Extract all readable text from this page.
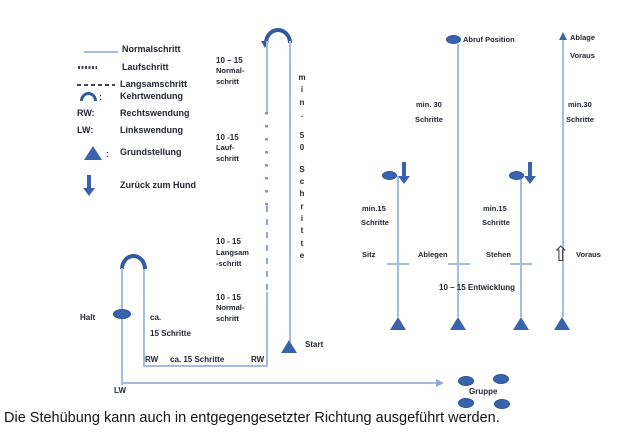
Normalschritt
Laufschritt
Langsamschritt
: Kehrtwendung
RW:	Rechtswendung
LW:	Linkswendung
: Grundstellung
Zurück zum Hund
10 – 15
Normal-
schritt
10 -15
Lauf-
schritt
10 - 15
Langsam
-schritt
10 - 15
Normal-
schritt
m
i
n
.
5
0
S
c
h
r
i
t
t
e
Start
Halt	ca.
15 Schritte
RW ca. 15 Schritte	RW
LW	Gruppe
min.15
Schritte
Sitz
Abruf Position
min. 30
Schritte
Ablegen
10 – 15 Entwicklung
min.15
Schritte
Stehen
Ablage
Voraus
min.30
Schritte
⇧ Voraus
Die Stehübung kann auch in entgegengesetzter Richtung ausgeführt werden.
